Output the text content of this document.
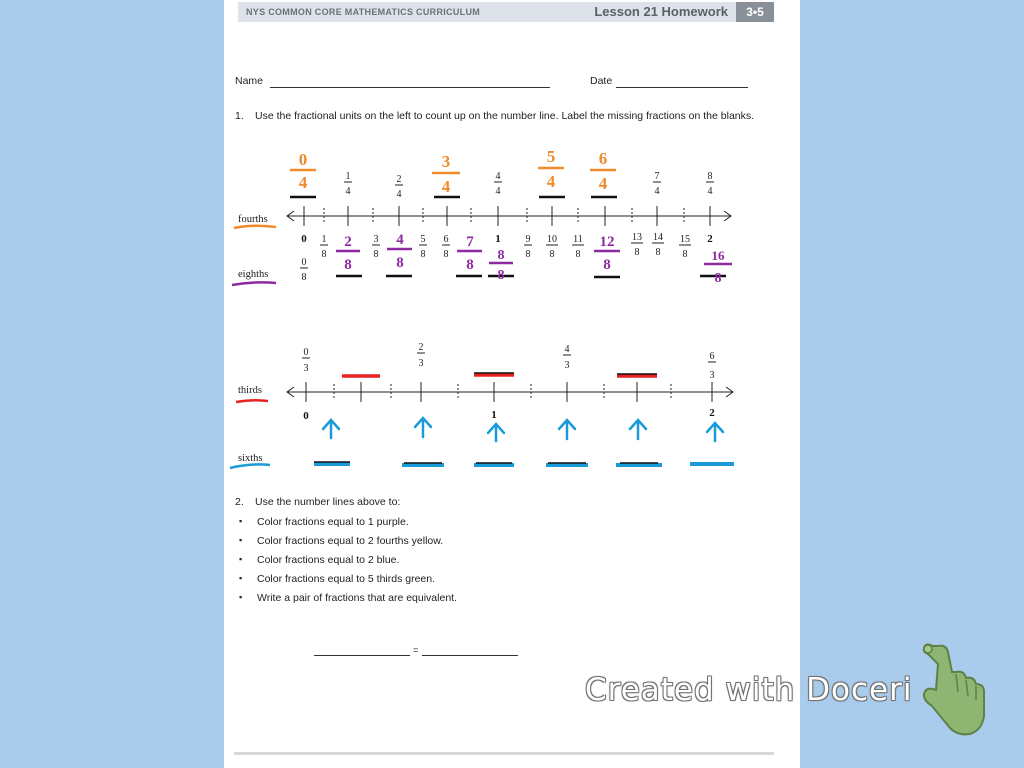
NYS COMMON CORE MATHEMATICS CURRICULUM	Lesson 21 Homework	3•5
Name	Date
1. Use the fractional units on the left to count up on the number line. Label the missing fractions on the blanks.
fourths
eighths
1
4
2
4
4
4
7
4
8
4
0
4
3
4
5
4
6
4
0	1	2
0
8
1
8
3
8
5
8
6
8
9
8
10
8
11
8
13
8
14
8
15
8
2
8
4
8
7
8
8
8
12
8
16
8
thirds
sixths
0
3
2
3
4
3
6
3
0	1	2
2. Use the number lines above to:
▪ Color fractions equal to 1 purple.
▪ Color fractions equal to 2 fourths yellow.
▪ Color fractions equal to 2 blue.
▪ Color fractions equal to 5 thirds green.
▪ Write a pair of fractions that are equivalent.
=
Created with Doceri
